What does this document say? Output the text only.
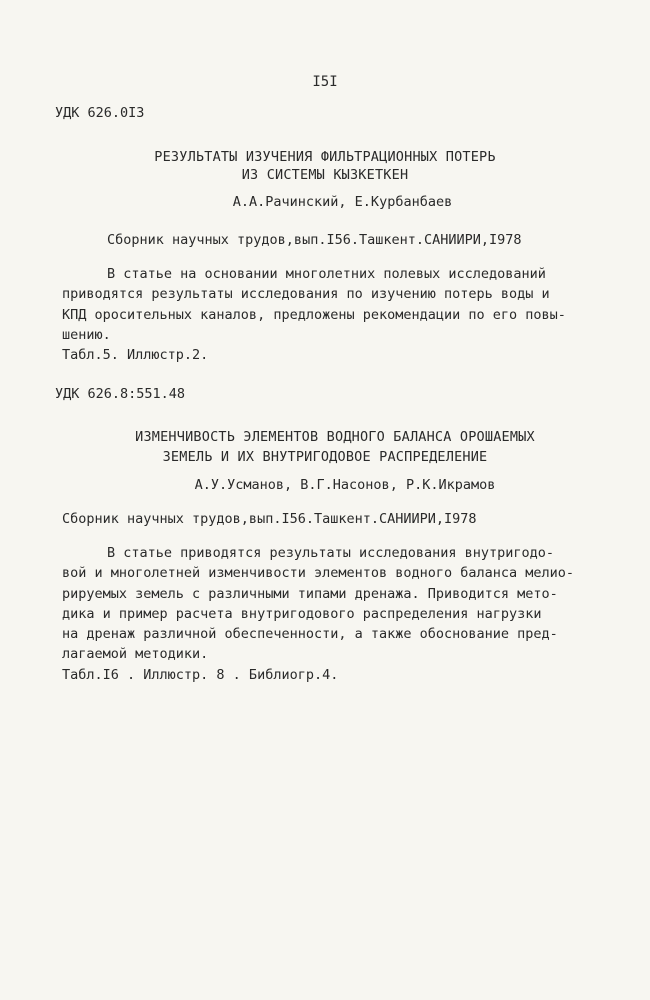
I5I
УДК 626.0I3
РЕЗУЛЬТАТЫ ИЗУЧЕНИЯ ФИЛЬТРАЦИОННЫХ ПОТЕРЬ
ИЗ СИСТЕМЫ КЫЗКЕТКЕН
А.А.Рачинский, Е.Курбанбаев
Сборник научных трудов,вып.I56.Ташкент.САНИИРИ,I978
В статье на основании многолетних полевых исследований
приводятся результаты исследования по изучению потерь воды и
КПД оросительных каналов, предложены рекомендации по его повы-
шению.
Табл.5. Иллюстр.2.
УДК 626.8:551.48
ИЗМЕНЧИВОСТЬ ЭЛЕМЕНТОВ ВОДНОГО БАЛАНСА ОРОШАЕМЫХ
ЗЕМЕЛЬ И ИХ ВНУТРИГОДОВОЕ РАСПРЕДЕЛЕНИЕ
А.У.Усманов, В.Г.Насонов, Р.К.Икрамов
Сборник научных трудов,вып.I56.Ташкент.САНИИРИ,I978
В статье приводятся результаты исследования внутригодо-
вой и многолетней изменчивости элементов водного баланса мелио-
рируемых земель с различными типами дренажа. Приводится мето-
дика и пример расчета внутригодового распределения нагрузки
на дренаж различной обеспеченности, а также обоснование пред-
лагаемой методики.
Табл.I6 . Иллюстр. 8 . Библиогр.4.
